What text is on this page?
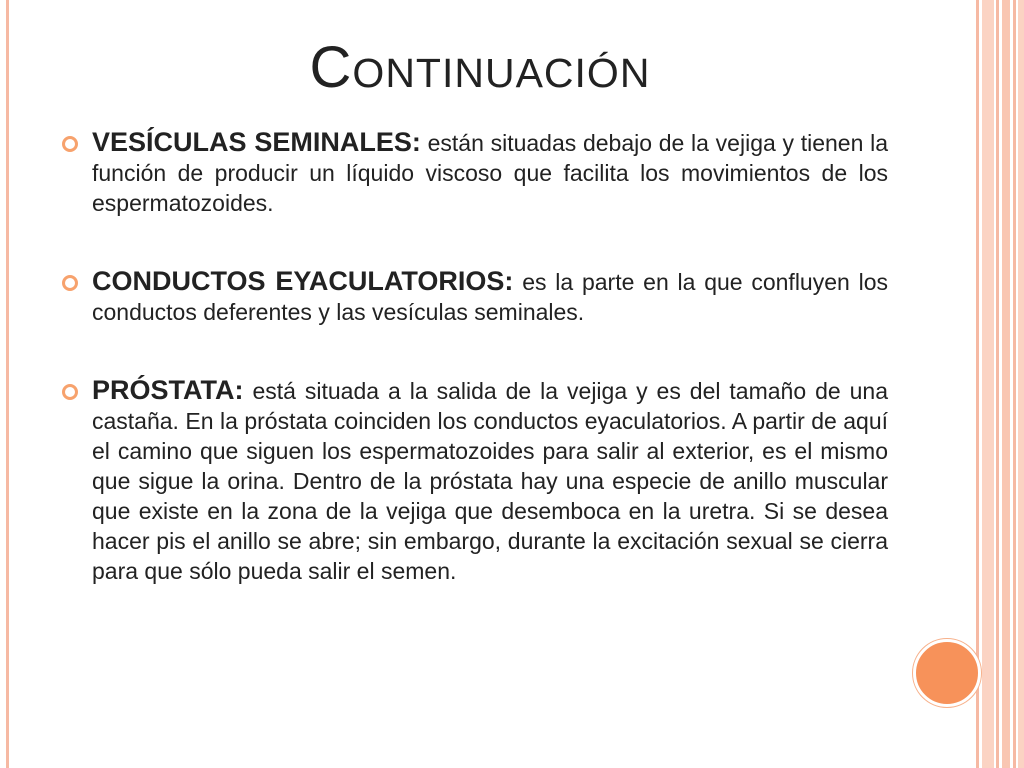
Continuación
VESÍCULAS SEMINALES: están situadas debajo de la vejiga y tienen la función de producir un líquido viscoso que facilita los movimientos de los espermatozoides.
CONDUCTOS EYACULATORIOS: es la parte en la que confluyen los conductos deferentes y las vesículas seminales.
PRÓSTATA: está situada a la salida de la vejiga y es del tamaño de una castaña. En la próstata coinciden los conductos eyaculatorios. A partir de aquí el camino que siguen los espermatozoides para salir al exterior, es el mismo que sigue la orina. Dentro de la próstata hay una especie de anillo muscular que existe en la zona de la vejiga que desemboca en la uretra. Si se desea hacer pis el anillo se abre; sin embargo, durante la excitación sexual se cierra para que sólo pueda salir el semen.
